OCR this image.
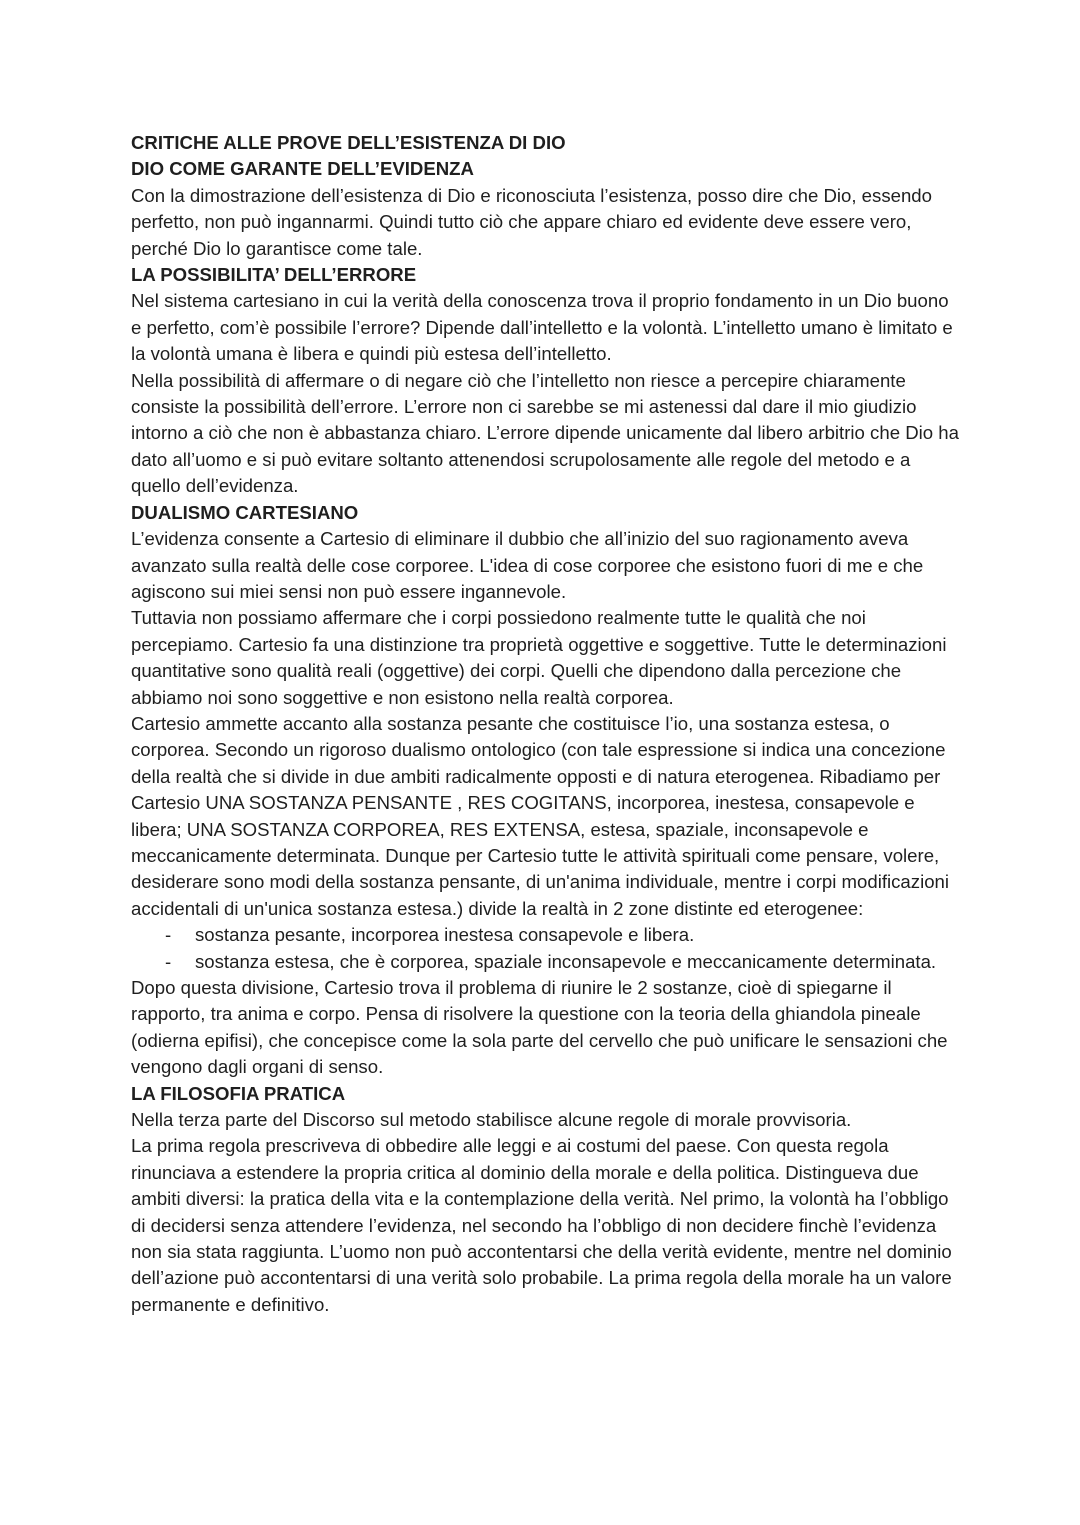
CRITICHE ALLE PROVE DELL’ESISTENZA DI DIO

DIO COME GARANTE DELL’EVIDENZA

Con la dimostrazione dell’esistenza di Dio e riconosciuta l’esistenza, posso dire che Dio, essendo perfetto, non può ingannarmi. Quindi tutto ciò che appare chiaro ed evidente deve essere vero, perché Dio lo garantisce come tale.

LA POSSIBILITA’ DELL’ERRORE

Nel sistema cartesiano in cui la verità della conoscenza trova il proprio fondamento in un Dio buono e perfetto, com’è possibile l’errore? Dipende dall’intelletto e la volontà. L’intelletto umano è limitato e la volontà umana è libera e quindi più estesa dell’intelletto.

Nella possibilità di affermare o di negare ciò che l’intelletto non riesce a percepire chiaramente consiste la possibilità dell’errore. L’errore non ci sarebbe se mi astenessi dal dare il mio giudizio intorno a ciò che non è abbastanza chiaro. L’errore dipende unicamente dal libero arbitrio che Dio ha dato all’uomo e si può evitare soltanto attenendosi scrupolosamente alle regole del metodo e a quello dell’evidenza.

DUALISMO CARTESIANO

L’evidenza consente a Cartesio di eliminare il dubbio che all’inizio del suo ragionamento aveva avanzato sulla realtà delle cose corporee. L'idea di cose corporee che esistono fuori di me e che agiscono sui miei sensi non può essere ingannevole.

Tuttavia non possiamo affermare che i corpi possiedono realmente tutte le qualità che noi percepiamo. Cartesio fa una distinzione tra proprietà oggettive e soggettive. Tutte le determinazioni quantitative sono qualità reali (oggettive) dei corpi. Quelli che dipendono dalla percezione che abbiamo noi sono soggettive e non esistono nella realtà corporea.

Cartesio ammette accanto alla sostanza pesante che costituisce l’io, una sostanza estesa, o corporea. Secondo un rigoroso dualismo ontologico (con tale espressione si indica una concezione della realtà che si divide in due ambiti radicalmente opposti e di natura eterogenea. Ribadiamo per Cartesio UNA SOSTANZA PENSANTE , RES COGITANS, incorporea, inestesa, consapevole e libera; UNA SOSTANZA CORPOREA, RES EXTENSA, estesa, spaziale, inconsapevole e meccanicamente determinata. Dunque per Cartesio tutte le attività spirituali come pensare, volere, desiderare sono modi della sostanza pensante, di un'anima individuale, mentre i corpi modificazioni accidentali di un'unica sostanza estesa.) divide la realtà in 2 zone distinte ed eterogenee:

- sostanza pesante, incorporea inestesa consapevole e libera.
- sostanza estesa, che è corporea, spaziale inconsapevole e meccanicamente determinata.

Dopo questa divisione, Cartesio trova il problema di riunire le 2 sostanze, cioè di spiegarne il rapporto, tra anima e corpo. Pensa di risolvere la questione con la teoria della ghiandola pineale (odierna epifisi), che concepisce come la sola parte del cervello che può unificare le sensazioni che vengono dagli organi di senso.

LA FILOSOFIA PRATICA

Nella terza parte del Discorso sul metodo stabilisce alcune regole di morale provvisoria.

La prima regola prescriveva di obbedire alle leggi e ai costumi del paese. Con questa regola rinunciava a estendere la propria critica al dominio della morale e della politica. Distingueva due ambiti diversi: la pratica della vita e la contemplazione della verità. Nel primo, la volontà ha l’obbligo di decidersi senza attendere l’evidenza, nel secondo ha l’obbligo di non decidere finchè l’evidenza non sia stata raggiunta. L’uomo non può accontentarsi che della verità evidente, mentre nel dominio dell’azione può accontentarsi di una verità solo probabile. La prima regola della morale ha un valore permanente e definitivo.
